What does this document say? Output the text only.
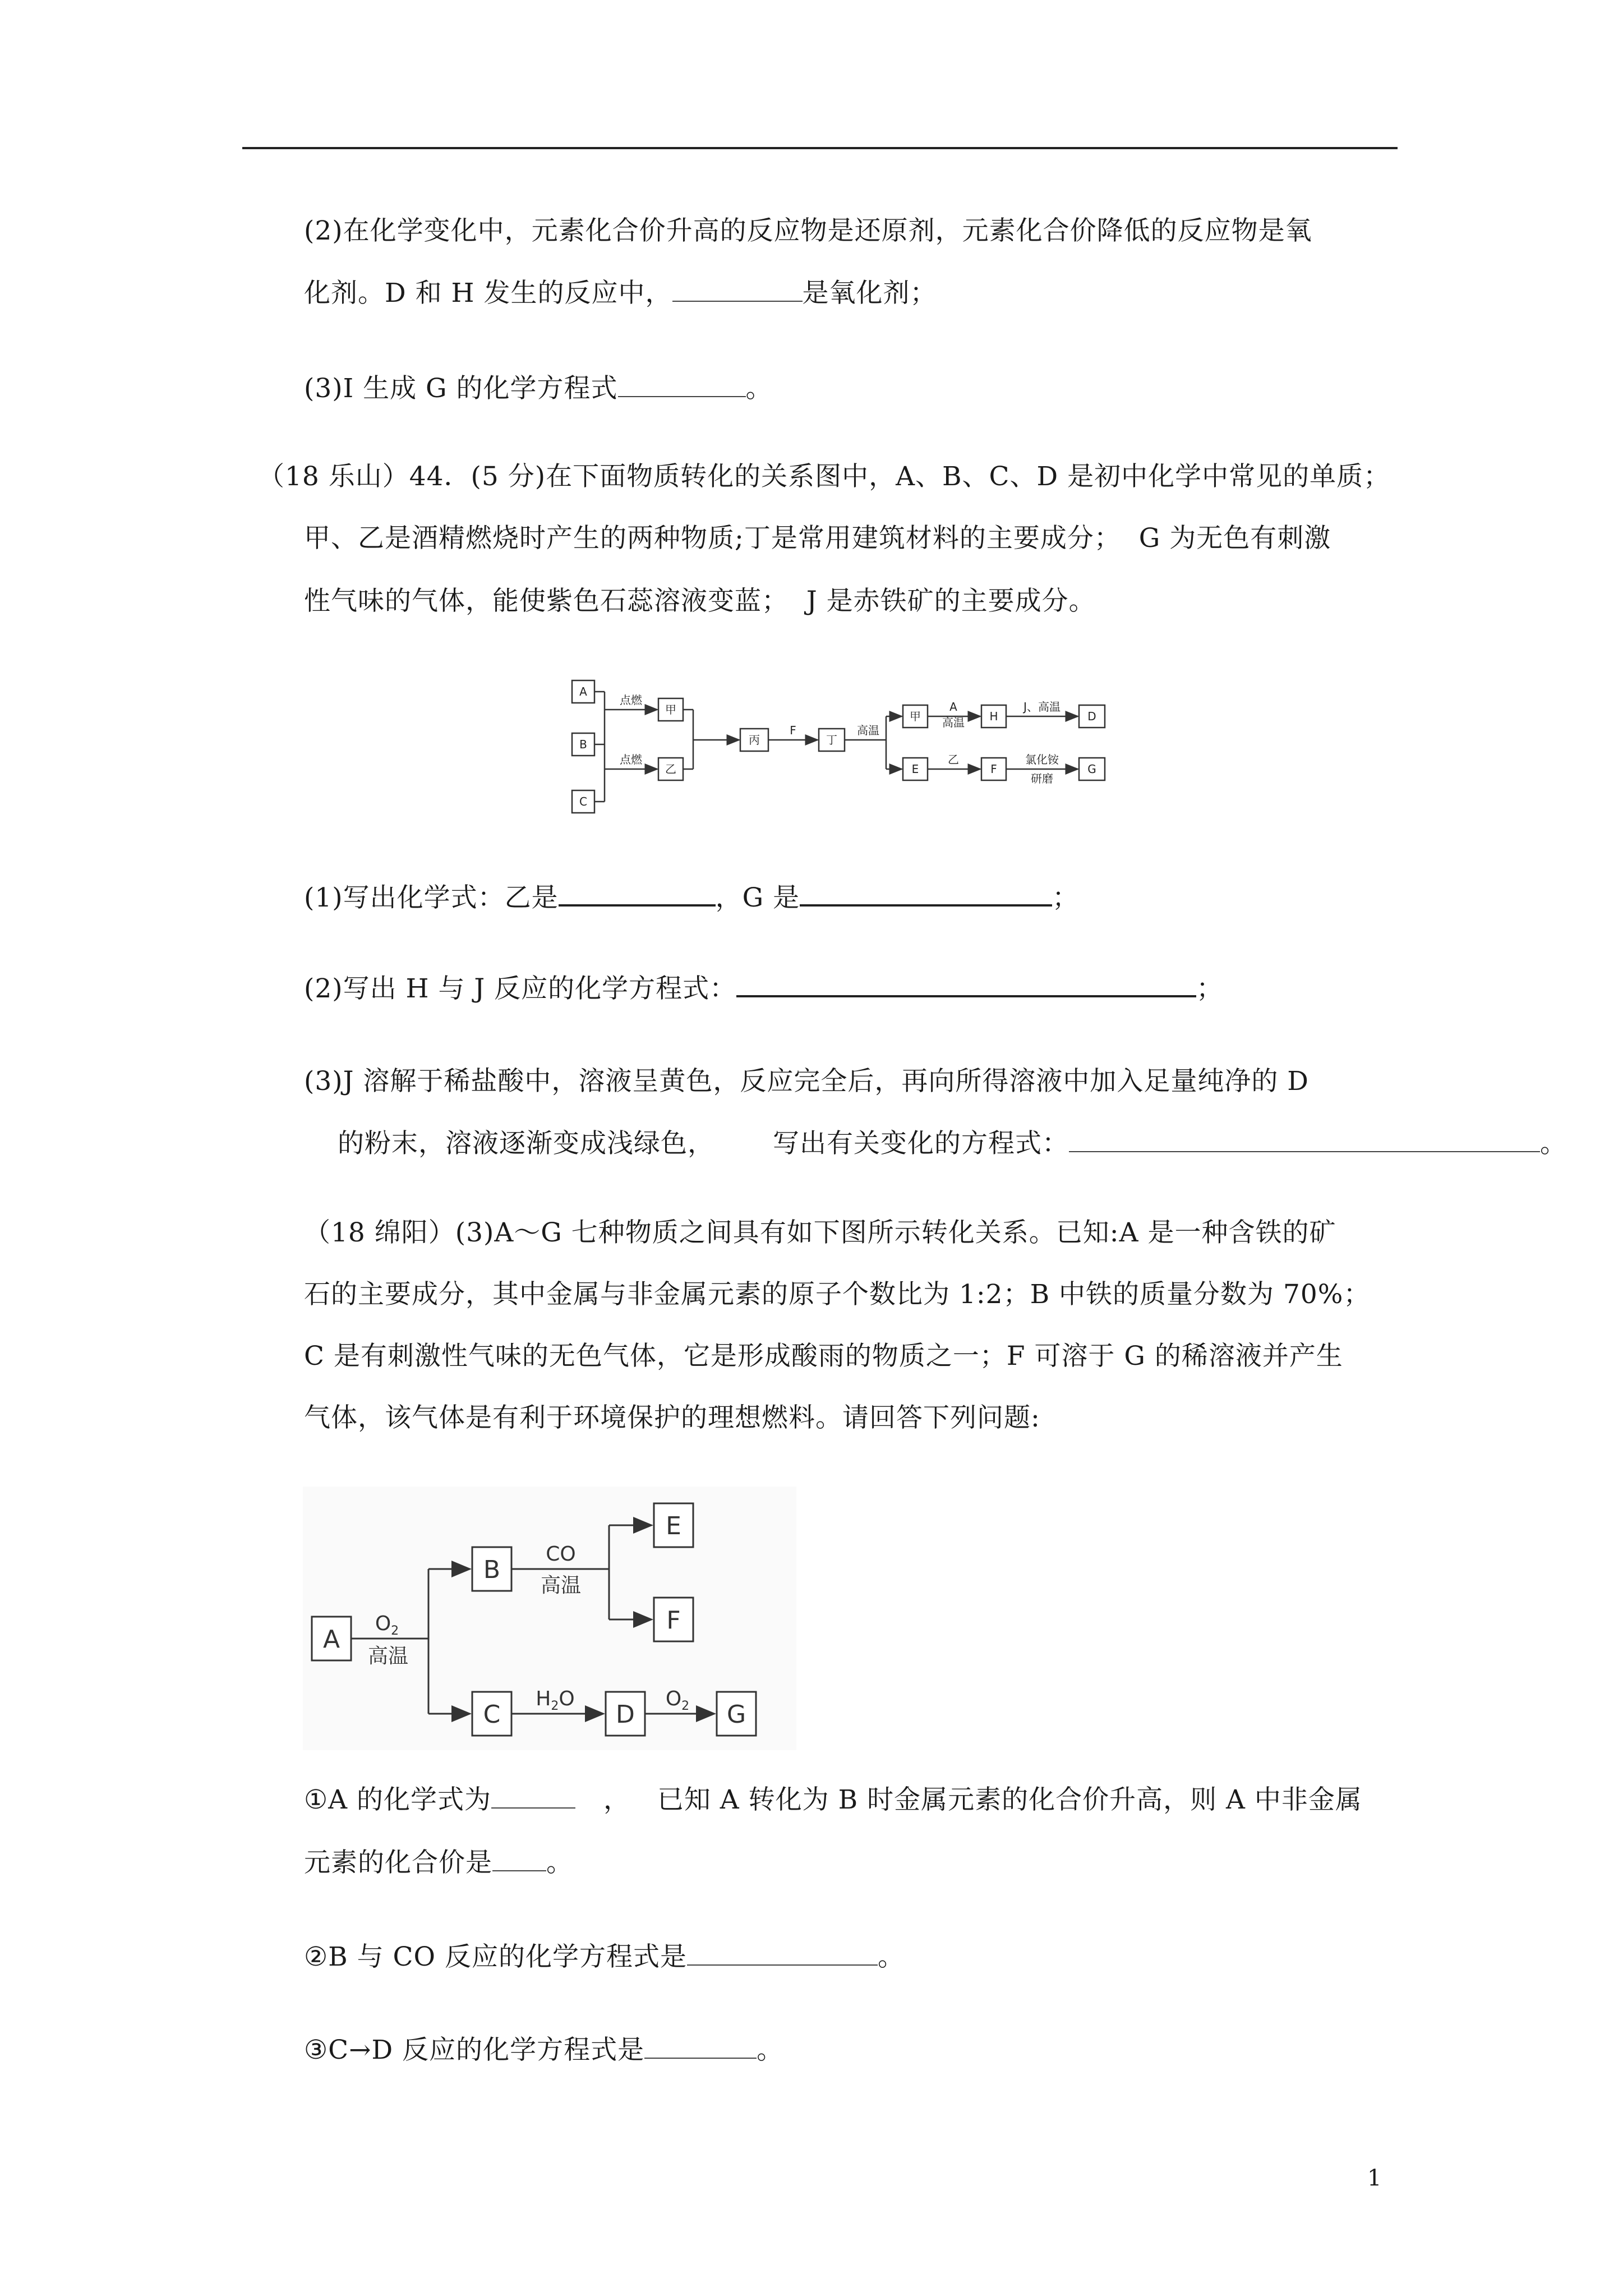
(2)在化学变化中，元素化合价升高的反应物是还原剂，元素化合价降低的反应物是氧
化剂。D 和 H 发生的反应中，	是氧化剂；
(3)I 生成 G 的化学方程式	。
（18 乐山）44．(5 分)在下面物质转化的关系图中，A、B、C、D 是初中化学中常见的单质；
甲、乙是酒精燃烧时产生的两种物质;丁是常用建筑材料的主要成分；  G 为无色有刺激
性气味的气体，能使紫色石蕊溶液变蓝；  J 是赤铁矿的主要成分。
A
B
C
甲
乙
丙	丁
甲
E
H
F
D
G
点燃
点燃
F	高温
A
高温
J、高温
乙	氯化铵
研磨
(1)写出化学式：乙是	，G 是	；
(2)写出 H 与 J 反应的化学方程式：	；
(3)J 溶解于稀盐酸中，溶液呈黄色，反应完全后，再向所得溶液中加入足量纯净的 D
的粉末，溶液逐渐变成浅绿色， 写出有关变化的方程式：	。
（18 绵阳）(3)A～G 七种物质之间具有如下图所示转化关系。已知:A 是一种含铁的矿
石的主要成分，其中金属与非金属元素的原子个数比为 1:2；B 中铁的质量分数为 70%；
C 是有刺激性气味的无色气体，它是形成酸雨的物质之一；F 可溶于 G 的稀溶液并产生
气体，该气体是有利于环境保护的理想燃料。请回答下列问题:
A
B
C	D	G
E
F
$O_2$
高温
CO
高温
$H_2O$	$O_2$
①A 的化学式为	，   已知 A 转化为 B 时金属元素的化合价升高，则 A 中非金属
元素的化合价是 。
②B 与 CO 反应的化学方程式是	。
③C→D 反应的化学方程式是	。
1
